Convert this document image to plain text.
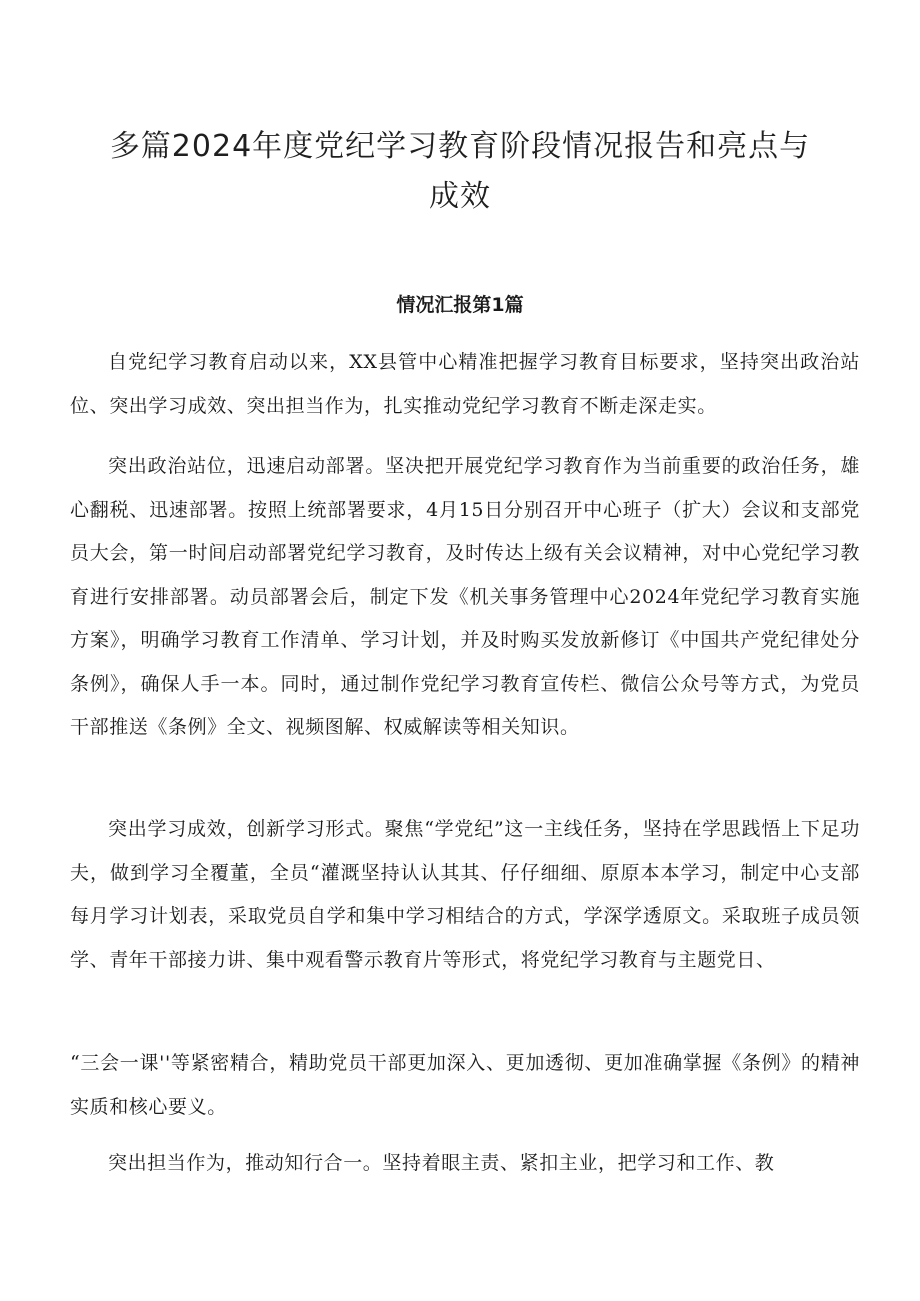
多篇2024年度党纪学习教育阶段情况报告和亮点与
成效
情况汇报第1篇

自党纪学习教育启动以来，XX县管中心精准把握学习教育目标要求，坚持突出政治站位、突出学习成效、突出担当作为，扎实推动党纪学习教育不断走深走实。

突出政治站位，迅速启动部署。坚决把开展党纪学习教育作为当前重要的政治任务，雄心翻税、迅速部署。按照上统部署要求，4月15日分别召开中心班子（扩大）会议和支部党员大会，第一时间启动部署党纪学习教育，及时传达上级有关会议精神，对中心党纪学习教育进行安排部署。动员部署会后，制定下发《机关事务管理中心2024年党纪学习教育实施方案》，明确学习教育工作清单、学习计划，并及时购买发放新修订《中国共产党纪律处分条例》，确保人手一本。同时，通过制作党纪学习教育宣传栏、微信公众号等方式，为党员干部推送《条例》全文、视频图解、权威解读等相关知识。

突出学习成效，创新学习形式。聚焦“学党纪”这一主线任务，坚持在学思践悟上下足功夫，做到学习全覆董，全员“灌溉坚持认认其其、仔仔细细、原原本本学习，制定中心支部每月学习计划表，采取党员自学和集中学习相结合的方式，学深学透原文。采取班子成员领学、青年干部接力讲、集中观看警示教育片等形式，将党纪学习教育与主题党日、

“三会一课''等紧密精合，精助党员干部更加深入、更加透彻、更加准确掌握《条例》的精神实质和核心要义。

突出担当作为，推动知行合一。坚持着眼主责、紧扣主业，把学习和工作、教
